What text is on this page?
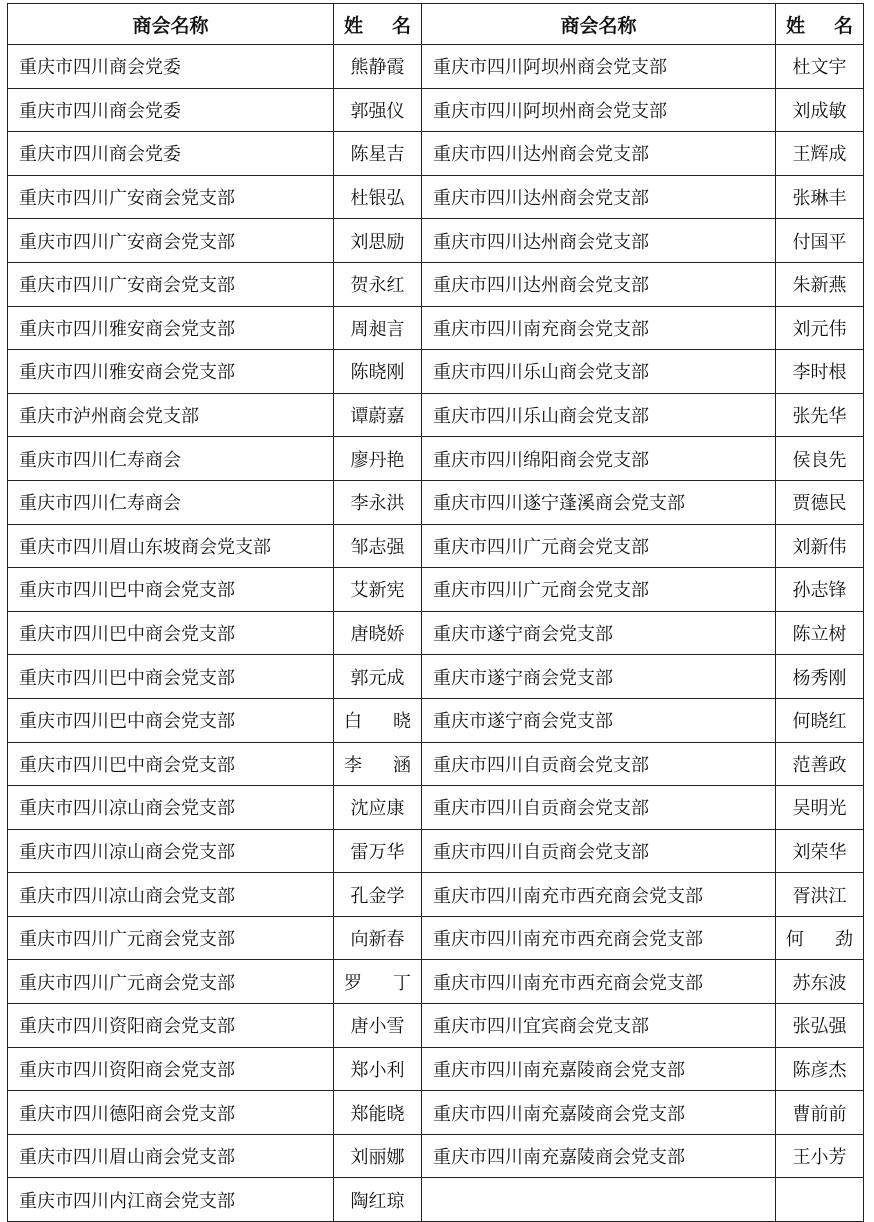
商会名称	姓　名	商会名称	姓　名
重庆市四川商会党委	熊静霞	重庆市四川阿坝州商会党支部	杜文宇
重庆市四川商会党委	郭强仪	重庆市四川阿坝州商会党支部	刘成敏
重庆市四川商会党委	陈星吉	重庆市四川达州商会党支部	王辉成
重庆市四川广安商会党支部	杜银弘	重庆市四川达州商会党支部	张琳丰
重庆市四川广安商会党支部	刘思励	重庆市四川达州商会党支部	付国平
重庆市四川广安商会党支部	贺永红	重庆市四川达州商会党支部	朱新燕
重庆市四川雅安商会党支部	周昶言	重庆市四川南充商会党支部	刘元伟
重庆市四川雅安商会党支部	陈晓刚	重庆市四川乐山商会党支部	李时根
重庆市泸州商会党支部	谭蔚嘉	重庆市四川乐山商会党支部	张先华
重庆市四川仁寿商会	廖丹艳	重庆市四川绵阳商会党支部	侯良先
重庆市四川仁寿商会	李永洪	重庆市四川遂宁蓬溪商会党支部	贾德民
重庆市四川眉山东坡商会党支部	邹志强	重庆市四川广元商会党支部	刘新伟
重庆市四川巴中商会党支部	艾新宪	重庆市四川广元商会党支部	孙志锋
重庆市四川巴中商会党支部	唐晓娇	重庆市遂宁商会党支部	陈立树
重庆市四川巴中商会党支部	郭元成	重庆市遂宁商会党支部	杨秀刚
重庆市四川巴中商会党支部	白　晓	重庆市遂宁商会党支部	何晓红
重庆市四川巴中商会党支部	李　涵	重庆市四川自贡商会党支部	范善政
重庆市四川凉山商会党支部	沈应康	重庆市四川自贡商会党支部	吴明光
重庆市四川凉山商会党支部	雷万华	重庆市四川自贡商会党支部	刘荣华
重庆市四川凉山商会党支部	孔金学	重庆市四川南充市西充商会党支部	胥洪江
重庆市四川广元商会党支部	向新春	重庆市四川南充市西充商会党支部	何　劲
重庆市四川广元商会党支部	罗　丁	重庆市四川南充市西充商会党支部	苏东波
重庆市四川资阳商会党支部	唐小雪	重庆市四川宜宾商会党支部	张弘强
重庆市四川资阳商会党支部	郑小利	重庆市四川南充嘉陵商会党支部	陈彦杰
重庆市四川德阳商会党支部	郑能晓	重庆市四川南充嘉陵商会党支部	曹前前
重庆市四川眉山商会党支部	刘丽娜	重庆市四川南充嘉陵商会党支部	王小芳
重庆市四川内江商会党支部	陶红琼		
